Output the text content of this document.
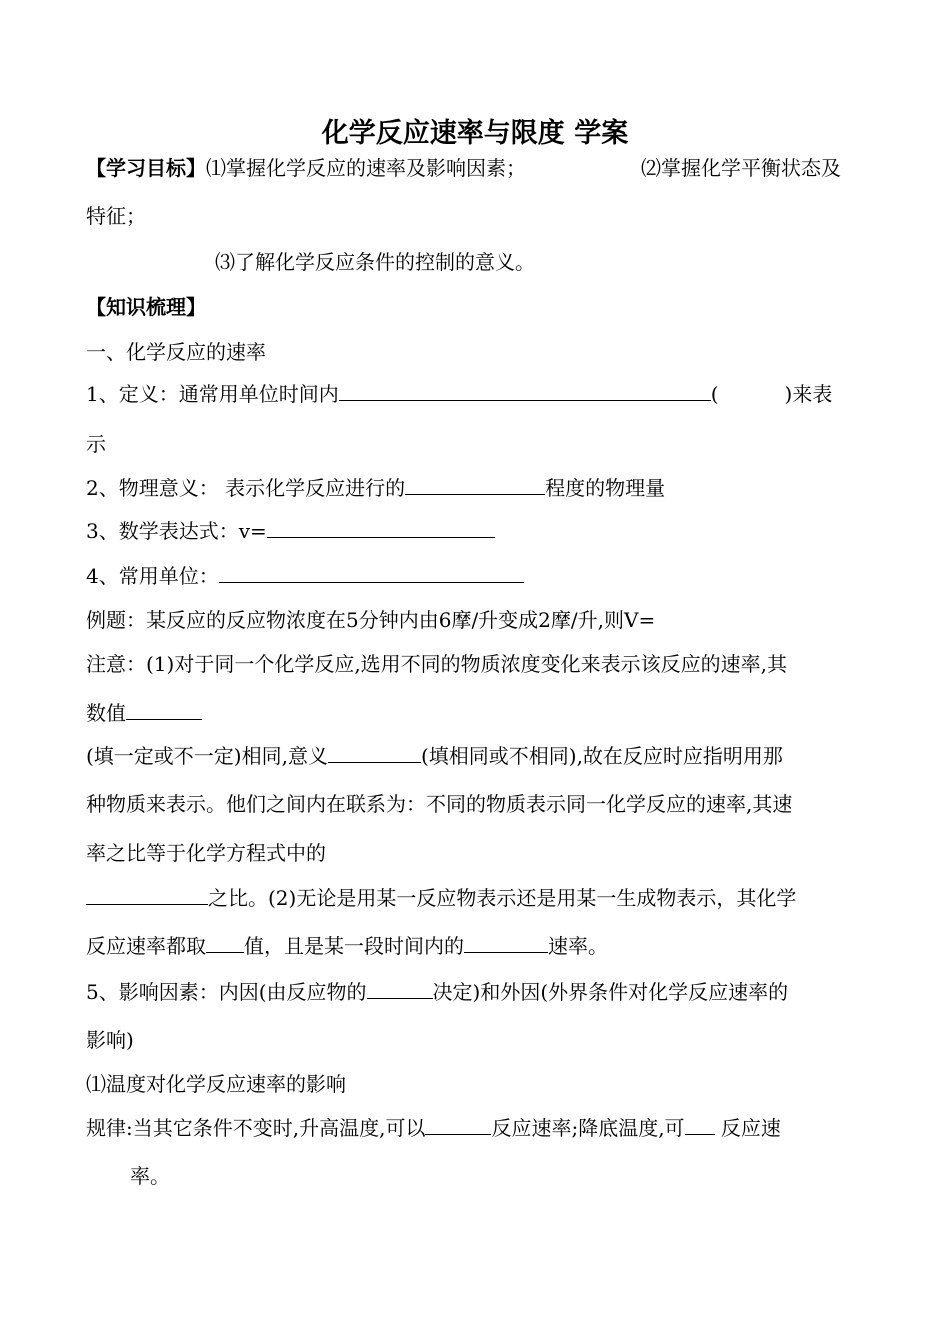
化学反应速率与限度 学案
【学习目标】⑴掌握化学反应的速率及影响因素；	⑵掌握化学平衡状态及
特征；
⑶了解化学反应条件的控制的意义。
【知识梳理】
一、化学反应的速率
1、定义：通常用单位时间内	(	)来表
示
2、物理意义： 表示化学反应进行的	程度的物理量
3、数学表达式：v=
4、常用单位：
例题：某反应的反应物浓度在5分钟内由6摩/升变成2摩/升,则V=
注意：(1)对于同一个化学反应,选用不同的物质浓度变化来表示该反应的速率,其
数值
(填一定或不一定)相同,意义	(填相同或不相同),故在反应时应指明用那
种物质来表示。他们之间内在联系为：不同的物质表示同一化学反应的速率,其速
率之比等于化学方程式中的
之比。(2)无论是用某一反应物表示还是用某一生成物表示，其化学
反应速率都取 值，且是某一段时间内的	速率。
5、影响因素：内因(由反应物的	决定)和外因(外界条件对化学反应速率的
影响)
⑴温度对化学反应速率的影响
规律:当其它条件不变时,升高温度,可以	反应速率;降底温度,可 反应速
率。
